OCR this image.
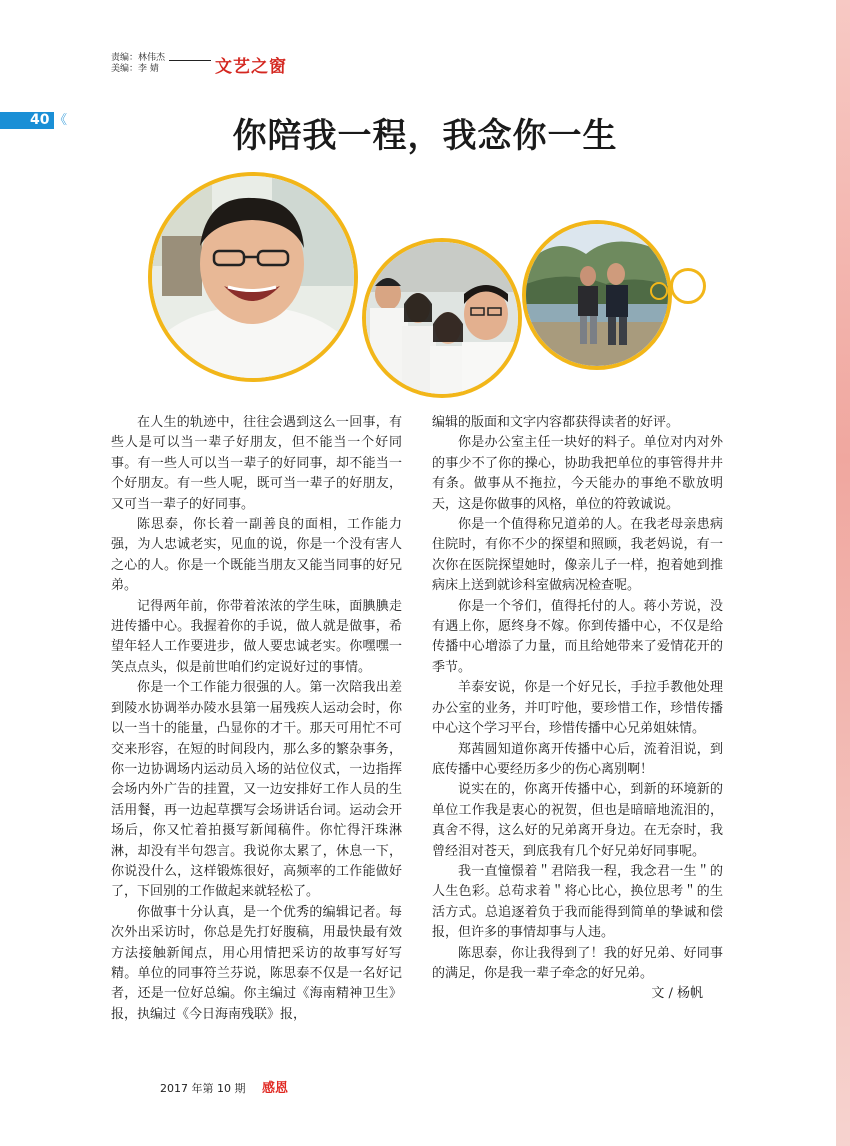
责编：林伟杰
美编：李 婧	文艺之窗
40 《	你陪我一程，我念你一生

在人生的轨迹中，往往会遇到这么一回事，有些人是可以当一辈子好朋友，但不能当一个好同事。有一些人可以当一辈子的好同事，却不能当一个好朋友。有一些人呢，既可当一辈子的好朋友，又可当一辈子的好同事。

陈思泰，你长着一副善良的面相，工作能力强，为人忠诚老实，见血的说，你是一个没有害人之心的人。你是一个既能当朋友又能当同事的好兄弟。

记得两年前，你带着浓浓的学生味，面腆腆走进传播中心。我握着你的手说，做人就是做事，希望年轻人工作要进步，做人要忠诚老实。你嘿嘿一笑点点头，似是前世咱们约定说好过的事情。

你是一个工作能力很强的人。第一次陪我出差到陵水协调举办陵水县第一届残疾人运动会时，你以一当十的能量，凸显你的才干。那天可用忙不可交来形容，在短的时间段内，那么多的繁杂事务，你一边协调场内运动员入场的站位仪式，一边指挥会场内外广告的挂置，又一边安排好工作人员的生活用餐，再一边起草撰写会场讲话台词。运动会开场后，你又忙着拍摄写新闻稿件。你忙得汗珠淋淋，却没有半句怨言。我说你太累了，休息一下，你说没什么，这样锻炼很好，高频率的工作能做好了，下回别的工作做起来就轻松了。

你做事十分认真，是一个优秀的编辑记者。每次外出采访时，你总是先打好腹稿，用最快最有效方法接触新闻点，用心用情把采访的故事写好写精。单位的同事符兰芬说，陈思泰不仅是一名好记者，还是一位好总编。你主编过《海南精神卫生》报，执编过《今日海南残联》报，

编辑的版面和文字内容都获得读者的好评。

你是办公室主任一块好的料子。单位对内对外的事少不了你的操心，协助我把单位的事管得井井有条。做事从不拖拉，今天能办的事绝不歇放明天，这是你做事的风格，单位的符敦诚说。

你是一个值得称兄道弟的人。在我老母亲患病住院时，有你不少的探望和照顾，我老妈说，有一次你在医院探望她时，像亲儿子一样，抱着她到推病床上送到就诊科室做病况检查呢。

你是一个爷们，值得托付的人。蒋小芳说，没有遇上你，愿终身不嫁。你到传播中心，不仅是给传播中心增添了力量，而且给她带来了爱情花开的季节。

羊泰安说，你是一个好兄长，手拉手教他处理办公室的业务，并叮咛他，要珍惜工作，珍惜传播中心这个学习平台，珍惜传播中心兄弟姐妹情。

郑茜圆知道你离开传播中心后，流着泪说，到底传播中心要经历多少的伤心离别啊！

说实在的，你离开传播中心，到新的环境新的单位工作我是衷心的祝贺，但也是暗暗地流泪的，真舍不得，这么好的兄弟离开身边。在无奈时，我曾经泪对苍天，到底我有几个好兄弟好同事呢。

我一直憧憬着＂君陪我一程，我念君一生＂的人生色彩。总苟求着＂将心比心，换位思考＂的生活方式。总追逐着负于我而能得到简单的挚诚和偿报，但许多的事情却事与人违。

陈思泰，你让我得到了！我的好兄弟、好同事的满足，你是我一辈子牵念的好兄弟。

文 / 杨帆

2017 年第 10 期 感恩
